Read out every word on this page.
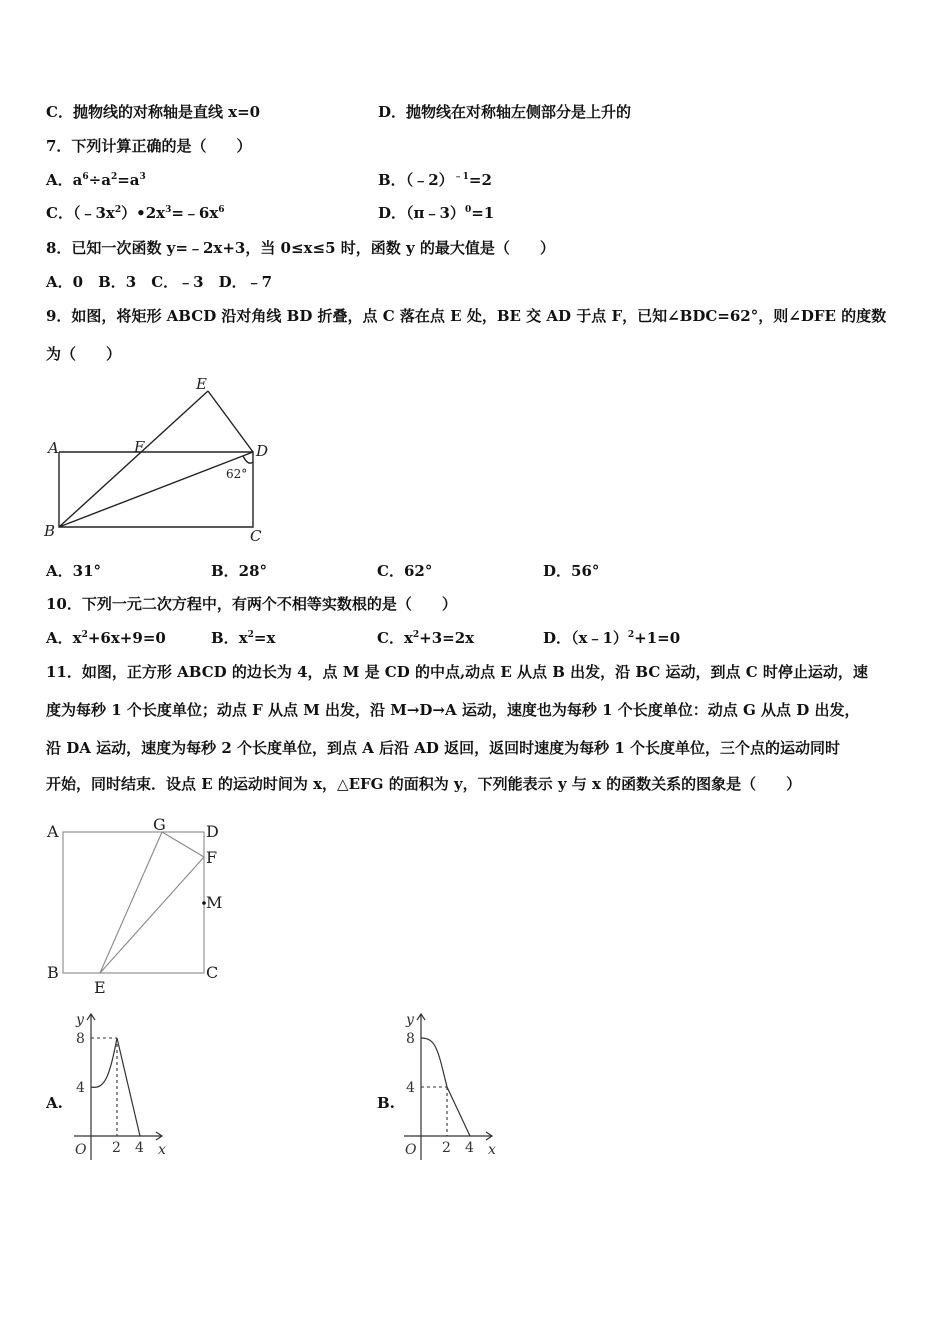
C．抛物线的对称轴是直线 x=0	D．抛物线在对称轴左侧部分是上升的
7．下列计算正确的是（　　）
A．$a^6\div a^2=a^3$	B．（﹣2）$^{﹣1}$=2
C．$(﹣3x^2)•2x^3=﹣6x^6$	D．（π﹣3）$^0$=1
8．已知一次函数 y=﹣2x+3，当 0≤x≤5 时，函数 y 的最大值是（　　）
A．0　B．3　C．﹣3　D．﹣7
9．如图，将矩形 ABCD 沿对角线 BD 折叠，点 C 落在点 E 处，BE 交 AD 于点 F，已知∠BDC=62°，则∠DFE 的度数
为（　　）
A
B	C
D
E
F
62°
A．31°	B．28°	C．62°	D．56°
10．下列一元二次方程中，有两个不相等实数根的是（　　）
A．$x^2+6x+9=0$	B．$x^2=x$	C．$x^2+3=2x$	D．（x﹣1）$^2$+1=0
11．如图，正方形 ABCD 的边长为 4，点 M 是 CD 的中点,动点 E 从点 B 出发，沿 BC 运动，到点 C 时停止运动，速
度为每秒 1 个长度单位；动点 F 从点 M 出发，沿 M→D→A 运动，速度也为每秒 1 个长度单位：动点 G 从点 D 出发，
沿 DA 运动，速度为每秒 2 个长度单位，到点 A 后沿 AD 返回，返回时速度为每秒 1 个长度单位，三个点的运动同时
开始，同时结束．设点 E 的运动时间为 x，△EFG 的面积为 y，下列能表示 y 与 x 的函数关系的图象是（　　）
A
B	C
D
E
F
G
M
A.
y
8
4
O 2 4 x
B.
y
8
4
O 2 4 x
